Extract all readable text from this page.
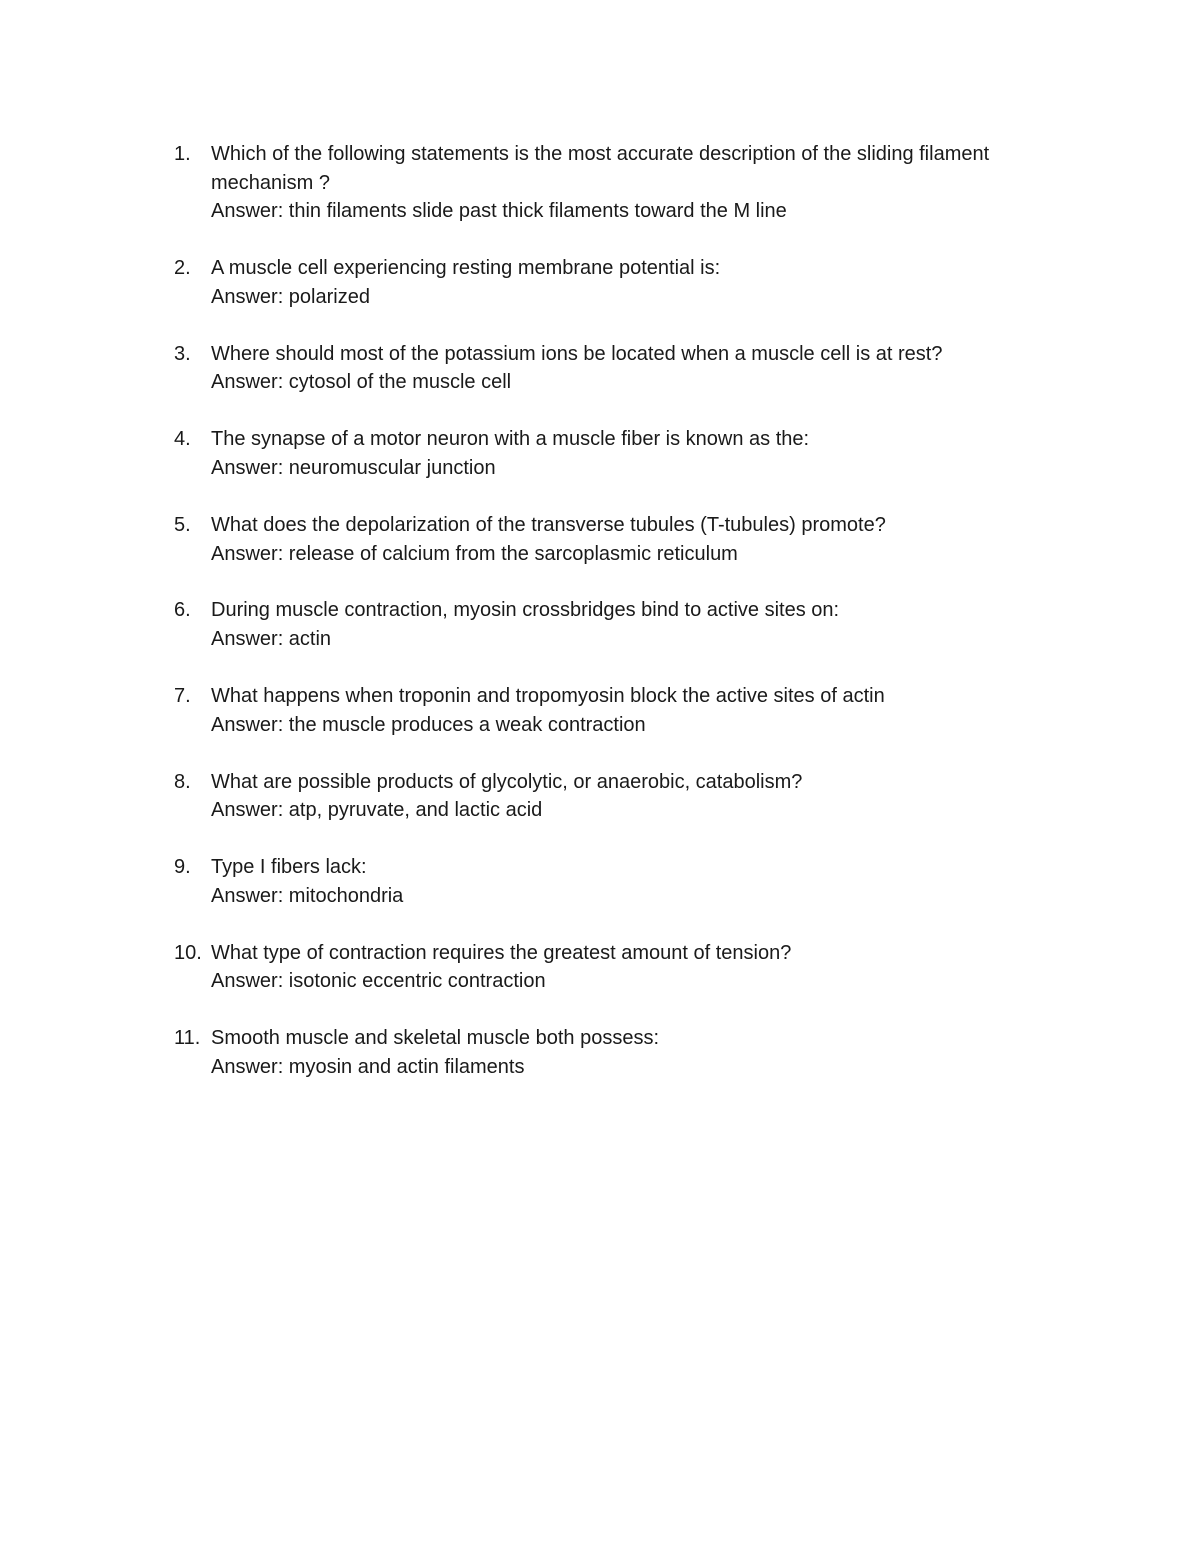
1.	Which of the following statements is the most accurate description of the sliding filament mechanism ?
Answer: thin filaments slide past thick filaments toward the M line
2.	A muscle cell experiencing resting membrane potential is:
Answer: polarized
3.	Where should most of the potassium ions be located when a muscle cell is at rest?
Answer: cytosol of the muscle cell
4.	The synapse of a motor neuron with a muscle fiber is known as the:
Answer: neuromuscular junction
5.	What does the depolarization of the transverse tubules (T-tubules) promote?
Answer: release of calcium from the sarcoplasmic reticulum
6.	During muscle contraction, myosin crossbridges bind to active sites on:
Answer: actin
7.	What happens when troponin and tropomyosin block the active sites of actin
Answer: the muscle produces a weak contraction
8.	What are possible products of glycolytic, or anaerobic, catabolism?
Answer: atp, pyruvate, and lactic acid
9.	Type I fibers lack:
Answer: mitochondria
10. What type of contraction requires the greatest amount of tension?
Answer: isotonic eccentric contraction
11. Smooth muscle and skeletal muscle both possess:
Answer: myosin and actin filaments
